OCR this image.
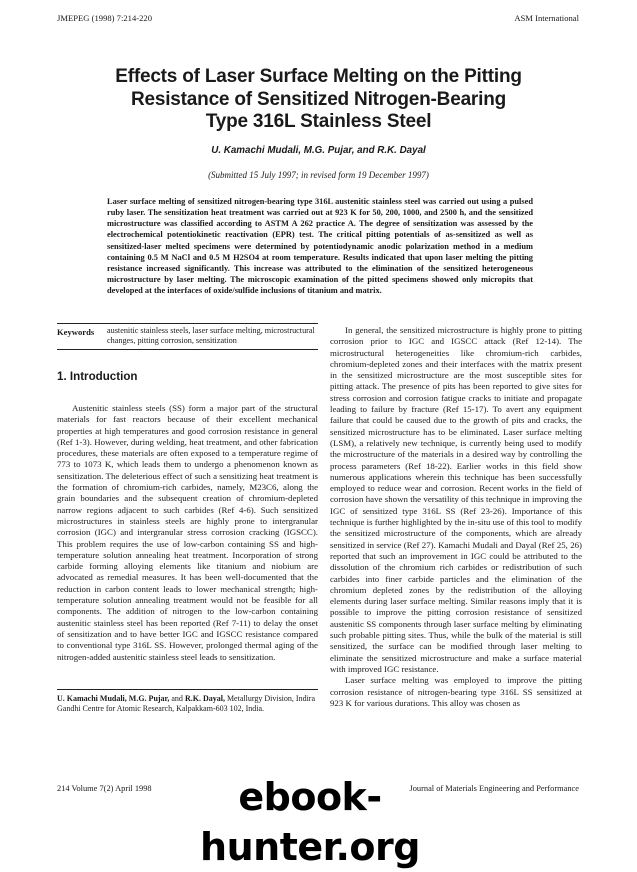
JMEPEG (1998) 7:214-220	ASM International
Effects of Laser Surface Melting on the Pitting
Resistance of Sensitized Nitrogen-Bearing
Type 316L Stainless Steel
U. Kamachi Mudali, M.G. Pujar, and R.K. Dayal
(Submitted 15 July 1997; in revised form 19 December 1997)
Laser surface melting of sensitized nitrogen-bearing type 316L austenitic stainless steel was carried out using a pulsed ruby laser. The sensitization heat treatment was carried out at 923 K for 50, 200, 1000, and 2500 h, and the sensitized microstructure was classified according to ASTM A 262 practice A. The degree of sensitization was assessed by the electrochemical potentiokinetic reactivation (EPR) test. The critical pitting potentials of as-sensitized as well as sensitized-laser melted specimens were determined by potentiodynamic anodic polarization method in a medium containing 0.5 M NaCl and 0.5 M H2SO4 at room temperature. Results indicated that upon laser melting the pitting resistance increased significantly. This increase was attributed to the elimination of the sensitized heterogeneous microstructure by laser melting. The microscopic examination of the pitted specimens showed only micropits that developed at the interfaces of oxide/sulfide inclusions of titanium and matrix.
Keywords austenitic stainless steels, laser surface melting, microstructural changes, pitting corrosion, sensitization
1. Introduction

Austenitic stainless steels (SS) form a major part of the structural materials for fast reactors because of their excellent mechanical properties at high temperatures and good corrosion resistance in general (Ref 1-3). However, during welding, heat treatment, and other fabrication procedures, these materials are often exposed to a temperature regime of 773 to 1073 K, which leads them to undergo a phenomenon known as sensitization. The deleterious effect of such a sensitizing heat treatment is the formation of chromium-rich carbides, namely, M23C6, along the grain boundaries and the subsequent creation of chromium-depleted narrow regions adjacent to such carbides (Ref 4-6). Such sensitized microstructures in stainless steels are highly prone to intergranular corrosion (IGC) and intergranular stress corrosion cracking (IGSCC). This problem requires the use of low-carbon containing SS and high-temperature solution annealing heat treatment. Incorporation of strong carbide forming alloying elements like titanium and niobium are advocated as remedial measures. It has been well-documented that the reduction in carbon content leads to lower mechanical strength; high-temperature solution annealing treatment would not be feasible for all components. The addition of nitrogen to the low-carbon containing austenitic stainless steel has been reported (Ref 7-11) to delay the onset of sensitization and to have better IGC and IGSCC resistance compared to conventional type 316L SS. However, prolonged thermal aging of the nitrogen-added austenitic stainless steel leads to sensitization.

U. Kamachi Mudali, M.G. Pujar, and R.K. Dayal, Metallurgy Division, Indira Gandhi Centre for Atomic Research, Kalpakkam-603 102, India.

In general, the sensitized microstructure is highly prone to pitting corrosion prior to IGC and IGSCC attack (Ref 12-14). The microstructural heterogeneities like chromium-rich carbides, chromium-depleted zones and their interfaces with the matrix present in the sensitized microstructure are the most susceptible sites for pitting attack. The presence of pits has been reported to give sites for stress corrosion and corrosion fatigue cracks to initiate and propagate leading to failure by fracture (Ref 15-17). To avert any equipment failure that could be caused due to the growth of pits and cracks, the sensitized microstructure has to be eliminated. Laser surface melting (LSM), a relatively new technique, is currently being used to modify the microstructure of the materials in a desired way by controlling the process parameters (Ref 18-22). Earlier works in this field show numerous applications wherein this technique has been successfully employed to reduce wear and corrosion. Recent works in the field of corrosion have shown the versatility of this technique in improving the IGC of sensitized type 316L SS (Ref 23-26). Importance of this technique is further highlighted by the in-situ use of this tool to modify the sensitized microstructure of the components, which are already sensitized in service (Ref 27). Kamachi Mudali and Dayal (Ref 25, 26) reported that such an improvement in IGC could be attributed to the dissolution of the chromium rich carbides or redistribution of such carbides into finer carbide particles and the elimination of the chromium depleted zones by the redistribution of the alloying elements during laser surface melting. Similar reasons imply that it is possible to improve the pitting corrosion resistance of sensitized austenitic SS components through laser surface melting by eliminating such probable pitting sites. Thus, while the bulk of the material is still sensitized, the surface can be modified through laser melting to eliminate the sensitized microstructure and make a surface material with improved IGC resistance.

Laser surface melting was employed to improve the pitting corrosion resistance of nitrogen-bearing type 316L SS sensitized at 923 K for various durations. This alloy was chosen as

214 Volume 7(2) April 1998	Journal of Materials Engineering and Performance
ebook-hunter.org
